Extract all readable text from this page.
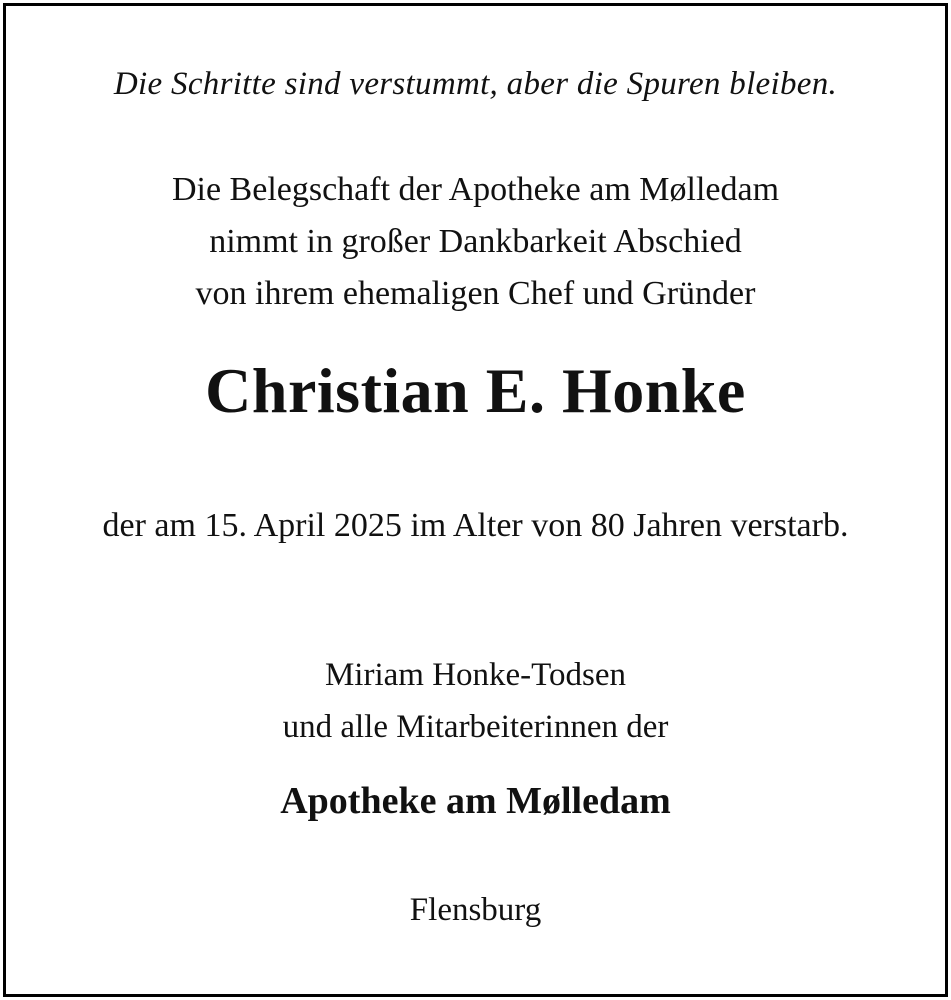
Die Schritte sind verstummt, aber die Spuren bleiben.

Die Belegschaft der Apotheke am Mølledam

nimmt in großer Dankbarkeit Abschied

von ihrem ehemaligen Chef und Gründer

Christian E. Honke

der am 15. April 2025 im Alter von 80 Jahren verstarb.

Miriam Honke-Todsen

und alle Mitarbeiterinnen der

Apotheke am Mølledam

Flensburg
